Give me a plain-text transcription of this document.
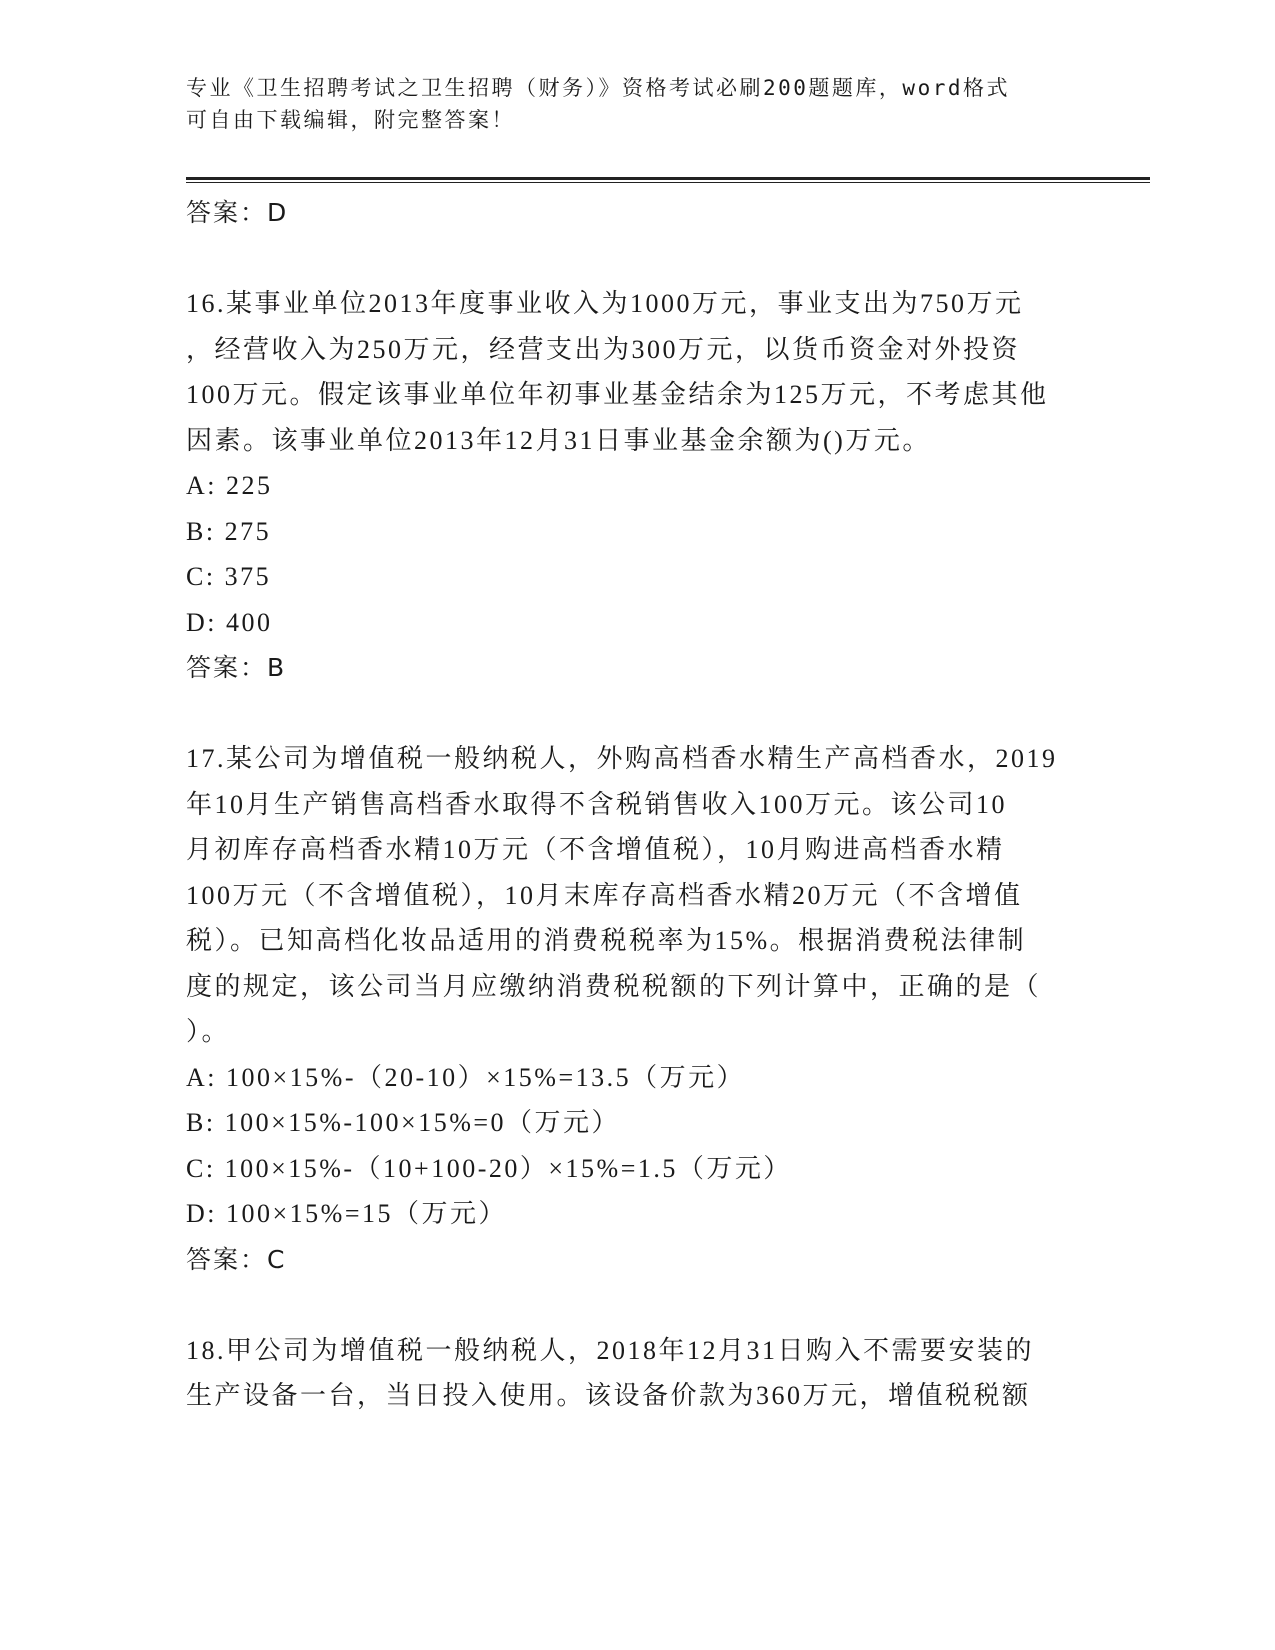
专业《卫生招聘考试之卫生招聘（财务）》资格考试必刷200题题库，word格式
可自由下载编辑，附完整答案！
答案：D
16.某事业单位2013年度事业收入为1000万元，事业支出为750万元
，经营收入为250万元，经营支出为300万元，以货币资金对外投资
100万元。假定该事业单位年初事业基金结余为125万元，不考虑其他
因素。该事业单位2013年12月31日事业基金余额为()万元。
A: 225
B: 275
C: 375
D: 400
答案：B
17.某公司为增值税一般纳税人，外购高档香水精生产高档香水，2019
年10月生产销售高档香水取得不含税销售收入100万元。该公司10
月初库存高档香水精10万元（不含增值税），10月购进高档香水精
100万元（不含增值税），10月末库存高档香水精20万元（不含增值
税）。已知高档化妆品适用的消费税税率为15%。根据消费税法律制
度的规定，该公司当月应缴纳消费税税额的下列计算中，正确的是（
）。
A: 100×15%-（20-10）×15%=13.5（万元）
B: 100×15%-100×15%=0（万元）
C: 100×15%-（10+100-20）×15%=1.5（万元）
D: 100×15%=15（万元）
答案：C
18.甲公司为增值税一般纳税人，2018年12月31日购入不需要安装的
生产设备一台，当日投入使用。该设备价款为360万元，增值税税额
